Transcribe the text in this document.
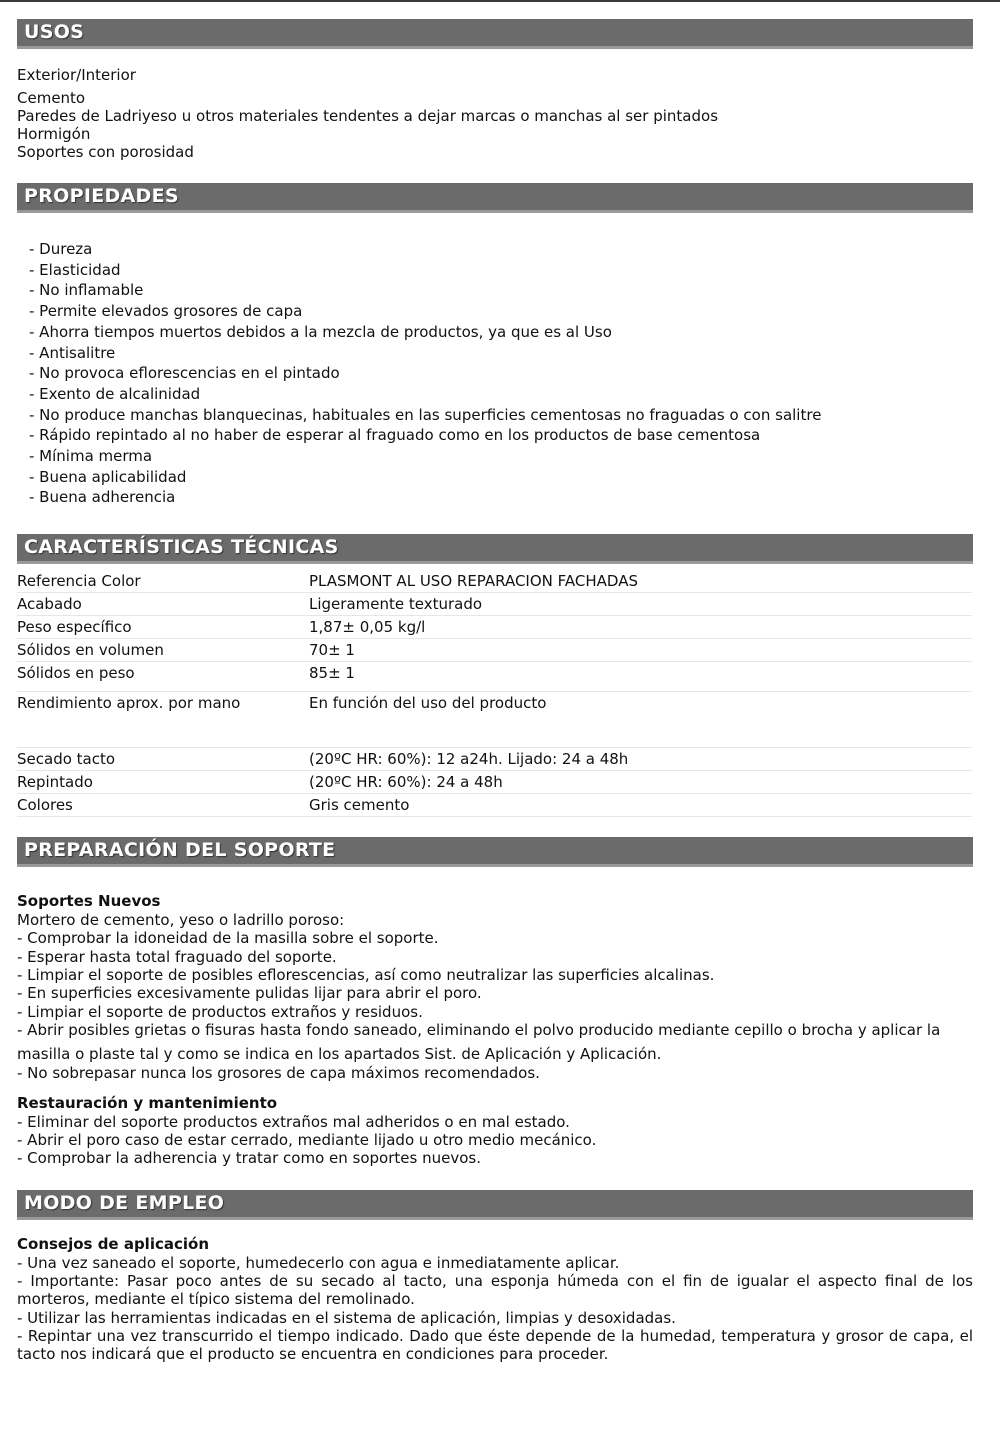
USOS
Exterior/Interior
Cemento
Paredes de Ladriyeso u otros materiales tendentes a dejar marcas o manchas al ser pintados
Hormigón
Soportes con porosidad
PROPIEDADES
- Dureza
- Elasticidad
- No inflamable
- Permite elevados grosores de capa
- Ahorra tiempos muertos debidos a la mezcla de productos, ya que es al Uso
- Antisalitre
- No provoca eflorescencias en el pintado
- Exento de alcalinidad
- No produce manchas blanquecinas, habituales en las superficies cementosas no fraguadas o con salitre
- Rápido repintado al no haber de esperar al fraguado como en los productos de base cementosa
- Mínima merma
- Buena aplicabilidad
- Buena adherencia
CARACTERÍSTICAS TÉCNICAS
Referencia Color	PLASMONT AL USO REPARACION FACHADAS
Acabado	Ligeramente texturado
Peso específico	1,87± 0,05 kg/l
Sólidos en volumen	70± 1
Sólidos en peso	85± 1
Rendimiento aprox. por mano	En función del uso del producto
Secado tacto	(20ºC HR: 60%): 12 a24h. Lijado: 24 a 48h
Repintado	(20ºC HR: 60%): 24 a 48h
Colores	Gris cemento
PREPARACIÓN DEL SOPORTE
Soportes Nuevos
Mortero de cemento, yeso o ladrillo poroso:
- Comprobar la idoneidad de la masilla sobre el soporte.
- Esperar hasta total fraguado del soporte.
- Limpiar el soporte de posibles eflorescencias, así como neutralizar las superficies alcalinas.
- En superficies excesivamente pulidas lijar para abrir el poro.
- Limpiar el soporte de productos extraños y residuos.
- Abrir posibles grietas o fisuras hasta fondo saneado, eliminando el polvo producido mediante cepillo o brocha y aplicar la
masilla o plaste tal y como se indica en los apartados Sist. de Aplicación y Aplicación.
- No sobrepasar nunca los grosores de capa máximos recomendados.
Restauración y mantenimiento
- Eliminar del soporte productos extraños mal adheridos o en mal estado.
- Abrir el poro caso de estar cerrado, mediante lijado u otro medio mecánico.
- Comprobar la adherencia y tratar como en soportes nuevos.
MODO DE EMPLEO
Consejos de aplicación
- Una vez saneado el soporte, humedecerlo con agua e inmediatamente aplicar.
- Importante: Pasar poco antes de su secado al tacto, una esponja húmeda con el fin de igualar el aspecto final de los morteros, mediante el típico sistema del remolinado.
- Utilizar las herramientas indicadas en el sistema de aplicación, limpias y desoxidadas.
- Repintar una vez transcurrido el tiempo indicado. Dado que éste depende de la humedad, temperatura y grosor de capa, el tacto nos indicará que el producto se encuentra en condiciones para proceder.
